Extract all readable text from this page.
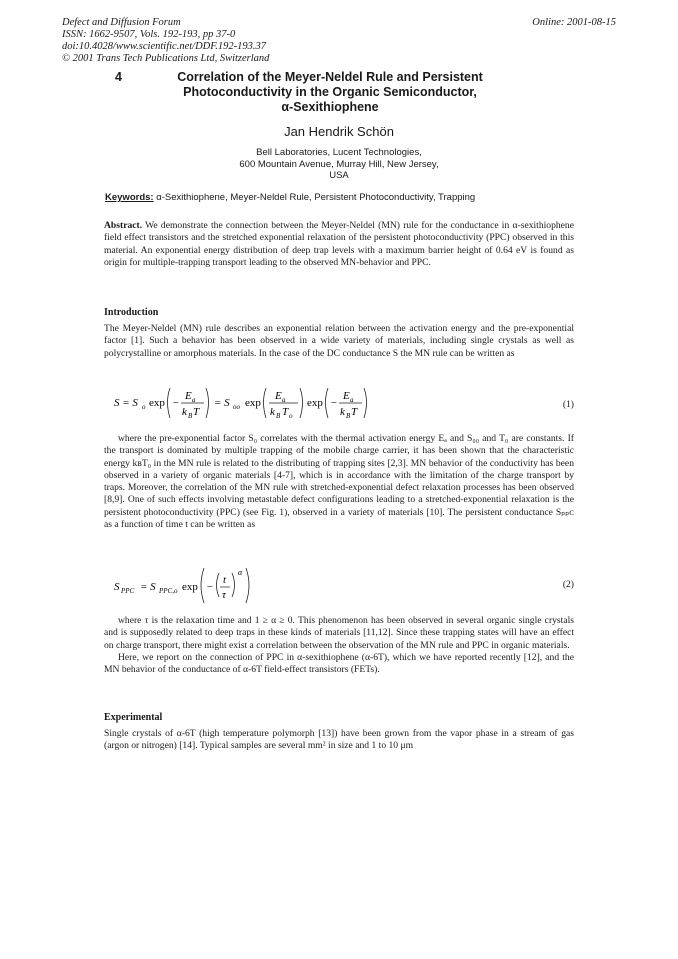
Defect and Diffusion Forum
ISSN: 1662-9507, Vols. 192-193, pp 37-0
doi:10.4028/www.scientific.net/DDF.192-193.37
© 2001 Trans Tech Publications Ltd, Switzerland
Online: 2001-08-15
4	Correlation of the Meyer-Neldel Rule and Persistent
Photoconductivity in the Organic Semiconductor,
α-Sexithiophene
Jan Hendrik Schön
Bell Laboratories, Lucent Technologies,
600 Mountain Avenue, Murray Hill, New Jersey,
USA
Keywords: α-Sexithiophene, Meyer-Neldel Rule, Persistent Photoconductivity, Trapping

Abstract. We demonstrate the connection between the Meyer-Neldel (MN) rule for the conductance in α-sexithiophene field effect transistors and the stretched exponential relaxation of the persistent photoconductivity (PPC) observed in this material. An exponential energy distribution of deep trap levels with a maximum barrier height of 0.64 eV is found as origin for multiple-trapping transport leading to the observed MN-behavior and PPC.

Introduction

The Meyer-Neldel (MN) rule describes an exponential relation between the activation energy and the pre-exponential factor [1]. Such a behavior has been observed in a wide variety of materials, including single crystals as well as polycrystalline or amorphous materials. In the case of the DC conductance S the MN rule can be written as

S = S o exp −
E a
k B T
= S oo exp
E a
k B T o
exp −
E a
k B T
(1)

where the pre-exponential factor S₀ correlates with the thermal activation energy Eₐ and S₀₀ and T₀ are constants. If the transport is dominated by multiple trapping of the mobile charge carrier, it has been shown that the characteristic energy kʙT₀ in the MN rule is related to the distributing of trapping sites [2,3]. MN behavior of the conductivity has been observed in a variety of organic materials [4-7], which is in accordance with the limitation of the charge transport by traps. Moreover, the correlation of the MN rule with stretched-exponential defect relaxation processes has been observed [8,9]. One of such effects involving metastable defect configurations leading to a stretched-exponential relaxation is the persistent photoconductivity (PPC) (see Fig. 1), observed in a variety of materials [10]. The persistent conductance Sₚₚᴄ as a function of time t can be written as

S PPC = S PPC,o exp −
t
τ
α
(2)

where τ is the relaxation time and 1 ≥ α ≥ 0. This phenomenon has been observed in several organic single crystals and is supposedly related to deep traps in these kinds of materials [11,12]. Since these trapping states will have an effect on charge transport, there might exist a correlation between the observation of the MN rule and PPC in organic materials.

Here, we report on the connection of PPC in α-sexithiophene (α-6T), which we have reported recently [12], and the MN behavior of the conductance of α-6T field-effect transistors (FETs).

Experimental

Single crystals of α-6T (high temperature polymorph [13]) have been grown from the vapor phase in a stream of gas (argon or nitrogen) [14]. Typical samples are several mm² in size and 1 to 10 μm
